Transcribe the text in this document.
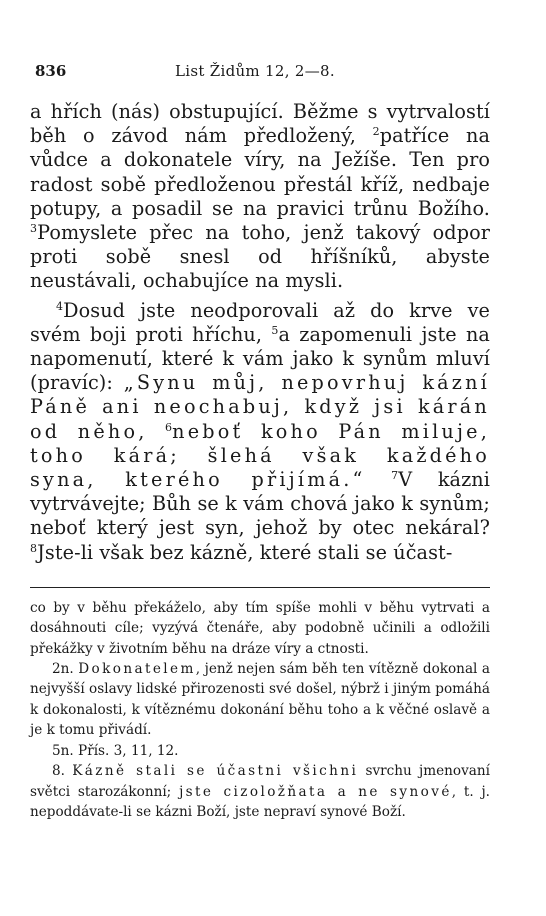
836	List Židům 12, 2—8.

a hřích (nás) obstupující. Běžme s vytrvalostí běh o závod nám předložený, $^2$patříce na vůdce a dokonatele víry, na Ježíše. Ten pro radost sobě předloženou přestál kříž, nedbaje potupy, a posadil se na pravici trůnu Božího. $^3$Pomyslete přec na toho, jenž takový odpor proti sobě snesl od hříšníků, abyste neustávali, ochabujíce na mysli.

$^4$Dosud jste neodporovali až do krve ve svém boji proti hříchu, $^5$a zapomenuli jste na napomenutí, které k vám jako k synům mluví (pravíc): „Synu můj, nepovrhuj kázní Páně ani neochabuj, když jsi kárán od něho, $^6$neboť koho Pán miluje, toho kárá; šlehá však každého syna, kterého přijímá.“ $^7$V kázni vytrvávejte; Bůh se k vám chová jako k synům; neboť který jest syn, jehož by otec nekáral? $^8$Jste-li však bez kázně, které stali se účast-

co by v běhu překáželo, aby tím spíše mohli v běhu vytrvati a dosáhnouti cíle; vyzývá čtenáře, aby podobně učinili a odložili překážky v životním běhu na dráze víry a ctnosti.

2n. Dokonatelem, jenž nejen sám běh ten vítězně dokonal a nejvyšší oslavy lidské přirozenosti své došel, nýbrž i jiným pomáhá k dokonalosti, k vítěznému dokonání běhu toho a k věčné oslavě a je k tomu přivádí.

5n. Přís. 3, 11, 12.

8. Kázně stali se účastni všichni svrchu jmenovaní světci starozákonní; jste cizoložňata a ne synové, t. j. nepoddávate-li se kázni Boží, jste nepraví synové Boží.
